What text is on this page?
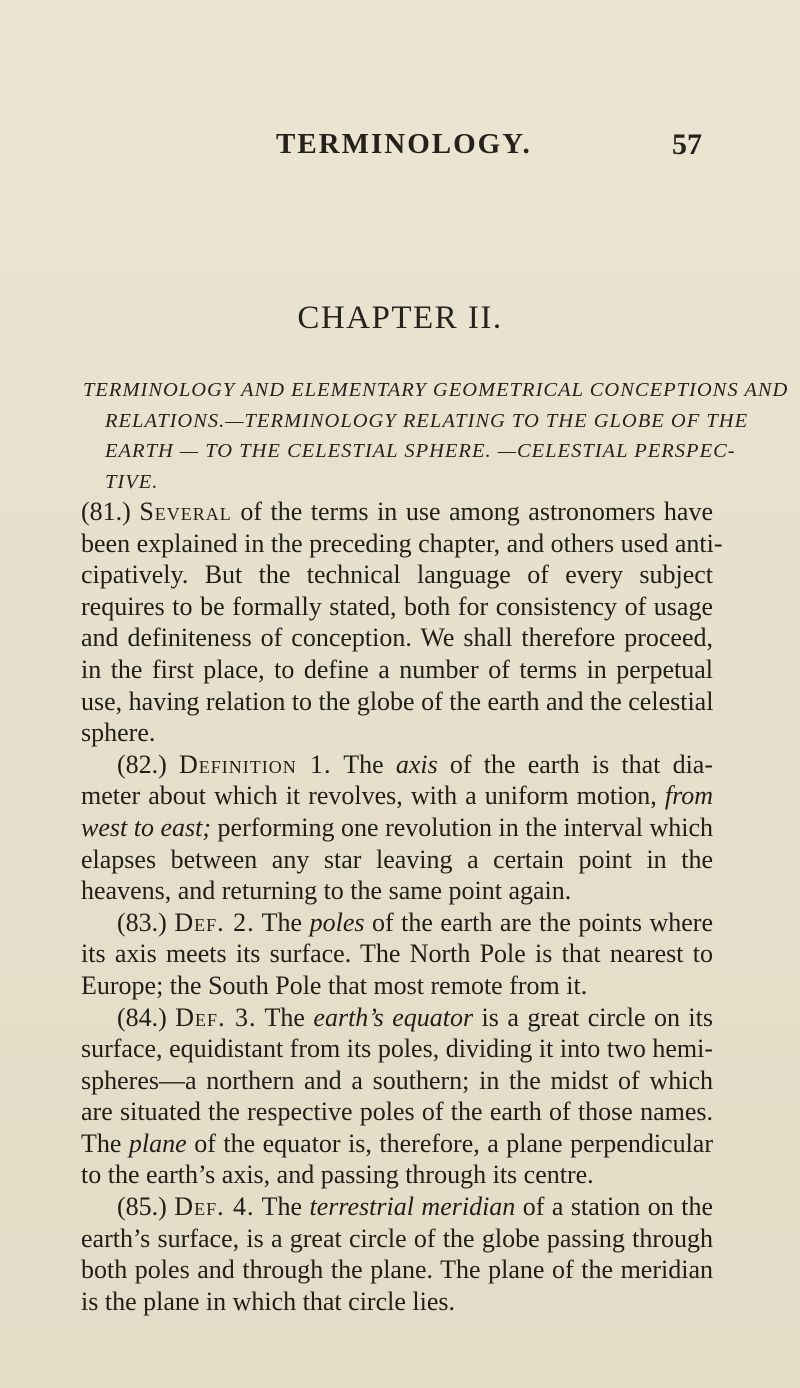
TERMINOLOGY.	57
CHAPTER II.
TERMINOLOGY AND ELEMENTARY GEOMETRICAL CONCEPTIONS AND
RELATIONS.—TERMINOLOGY RELATING TO THE GLOBE OF THE
EARTH — TO THE CELESTIAL SPHERE. —CELESTIAL PERSPEC-
TIVE.
(81.) Several of the terms in use among astronomers have
been explained in the preceding chapter, and others used anti-
cipatively. But the technical language of every subject
requires to be formally stated, both for consistency of usage
and definiteness of conception. We shall therefore proceed,
in the first place, to define a number of terms in perpetual
use, having relation to the globe of the earth and the celestial
sphere.
(82.) Definition 1. The axis of the earth is that dia-
meter about which it revolves, with a uniform motion, from
west to east; performing one revolution in the interval which
elapses between any star leaving a certain point in the
heavens, and returning to the same point again.
(83.) Def. 2. The poles of the earth are the points where
its axis meets its surface. The North Pole is that nearest to
Europe; the South Pole that most remote from it.
(84.) Def. 3. The earth’s equator is a great circle on its
surface, equidistant from its poles, dividing it into two hemi-
spheres—a northern and a southern; in the midst of which
are situated the respective poles of the earth of those names.
The plane of the equator is, therefore, a plane perpendicular
to the earth’s axis, and passing through its centre.
(85.) Def. 4. The terrestrial meridian of a station on the
earth’s surface, is a great circle of the globe passing through
both poles and through the plane. The plane of the meridian
is the plane in which that circle lies.
